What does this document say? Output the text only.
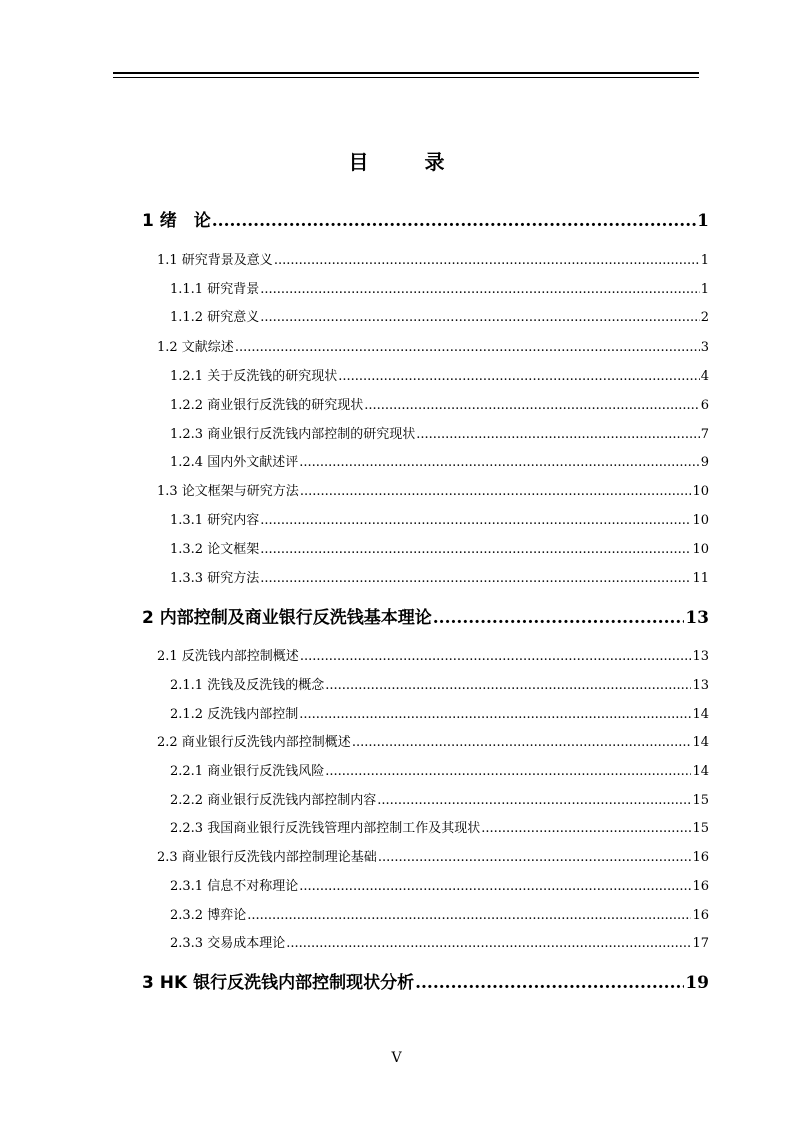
目　录
1 绪　论 .....	1
1.1 研究背景及意义 .....	1
1.1.1 研究背景 .....	1
1.1.2 研究意义 .....	2
1.2 文献综述 .....	3
1.2.1 关于反洗钱的研究现状 .....	4
1.2.2 商业银行反洗钱的研究现状 .....	6
1.2.3 商业银行反洗钱内部控制的研究现状 .....	7
1.2.4 国内外文献述评 .....	9
1.3 论文框架与研究方法 .....	10
1.3.1 研究内容 .....	10
1.3.2 论文框架 .....	10
1.3.3 研究方法 .....	11
2 内部控制及商业银行反洗钱基本理论 .....	13
2.1 反洗钱内部控制概述 .....	13
2.1.1 洗钱及反洗钱的概念 .....	13
2.1.2 反洗钱内部控制 .....	14
2.2 商业银行反洗钱内部控制概述 .....	14
2.2.1 商业银行反洗钱风险 .....	14
2.2.2 商业银行反洗钱内部控制内容 .....	15
2.2.3 我国商业银行反洗钱管理内部控制工作及其现状 .....	15
2.3 商业银行反洗钱内部控制理论基础 .....	16
2.3.1 信息不对称理论 .....	16
2.3.2 博弈论 .....	16
2.3.3 交易成本理论 .....	17
3 HK 银行反洗钱内部控制现状分析 .....	19
V
